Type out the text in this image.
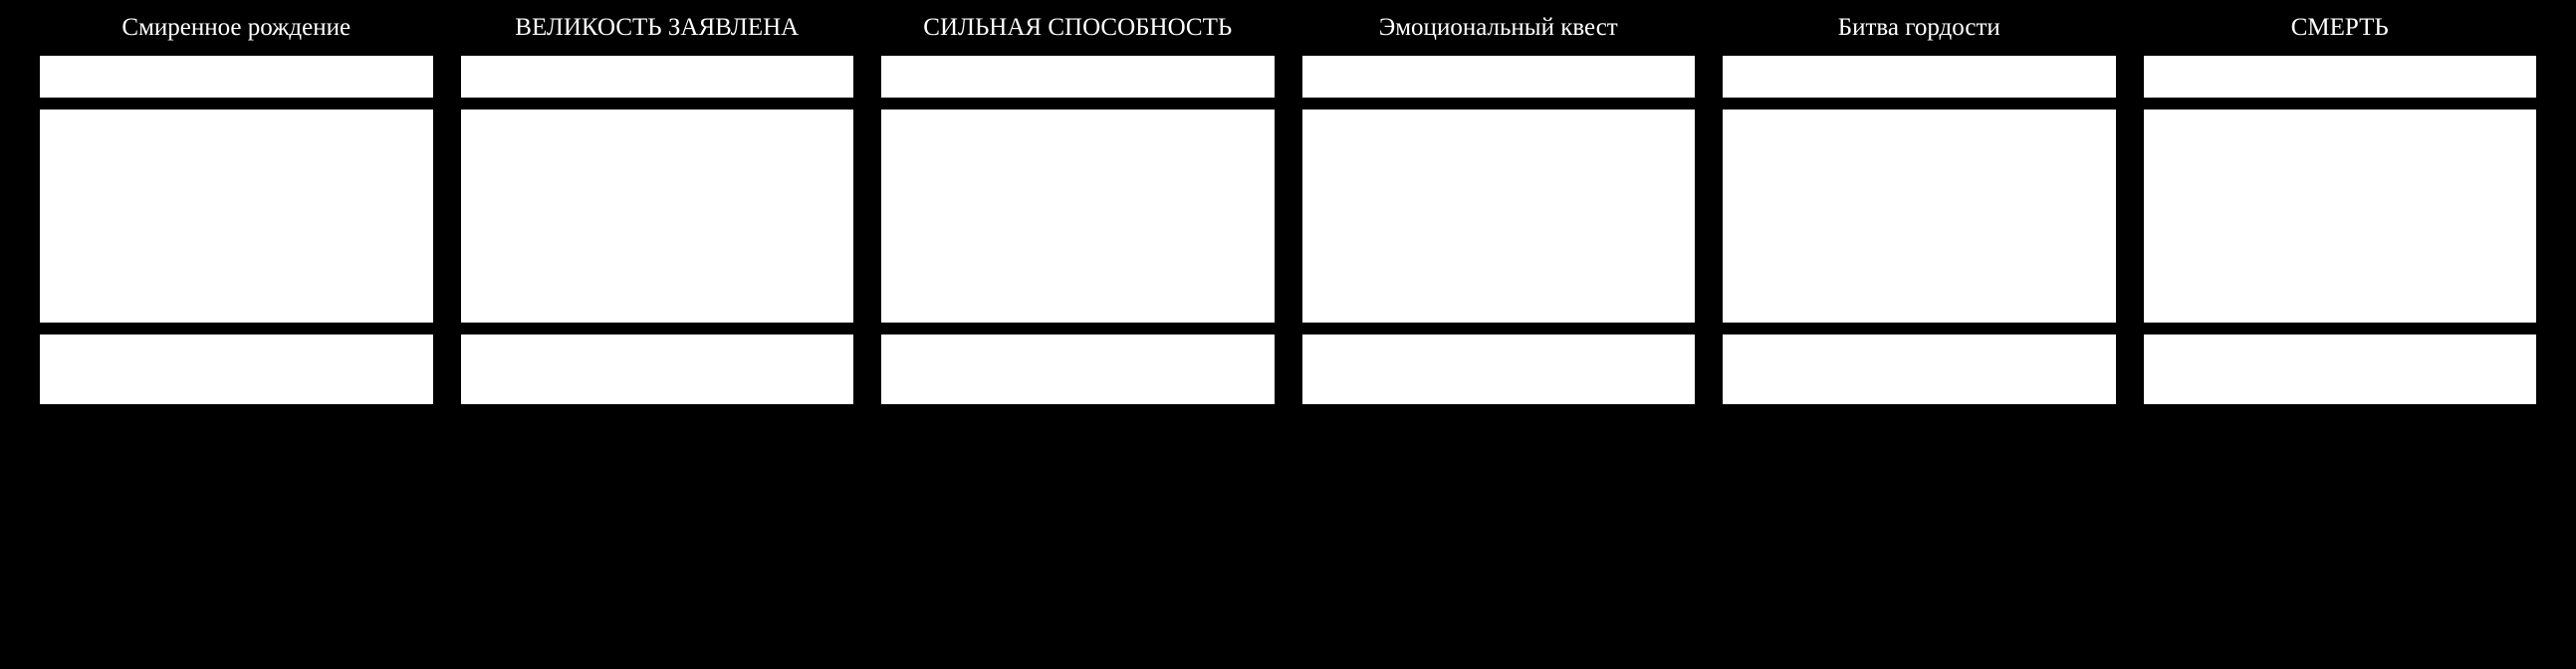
Смиренное рождение	ВЕЛИКОСТЬ ЗАЯВЛЕНА	СИЛЬНАЯ СПОСОБНОСТЬ	Эмоциональный квест	Битва гордости	СМЕРТЬ
